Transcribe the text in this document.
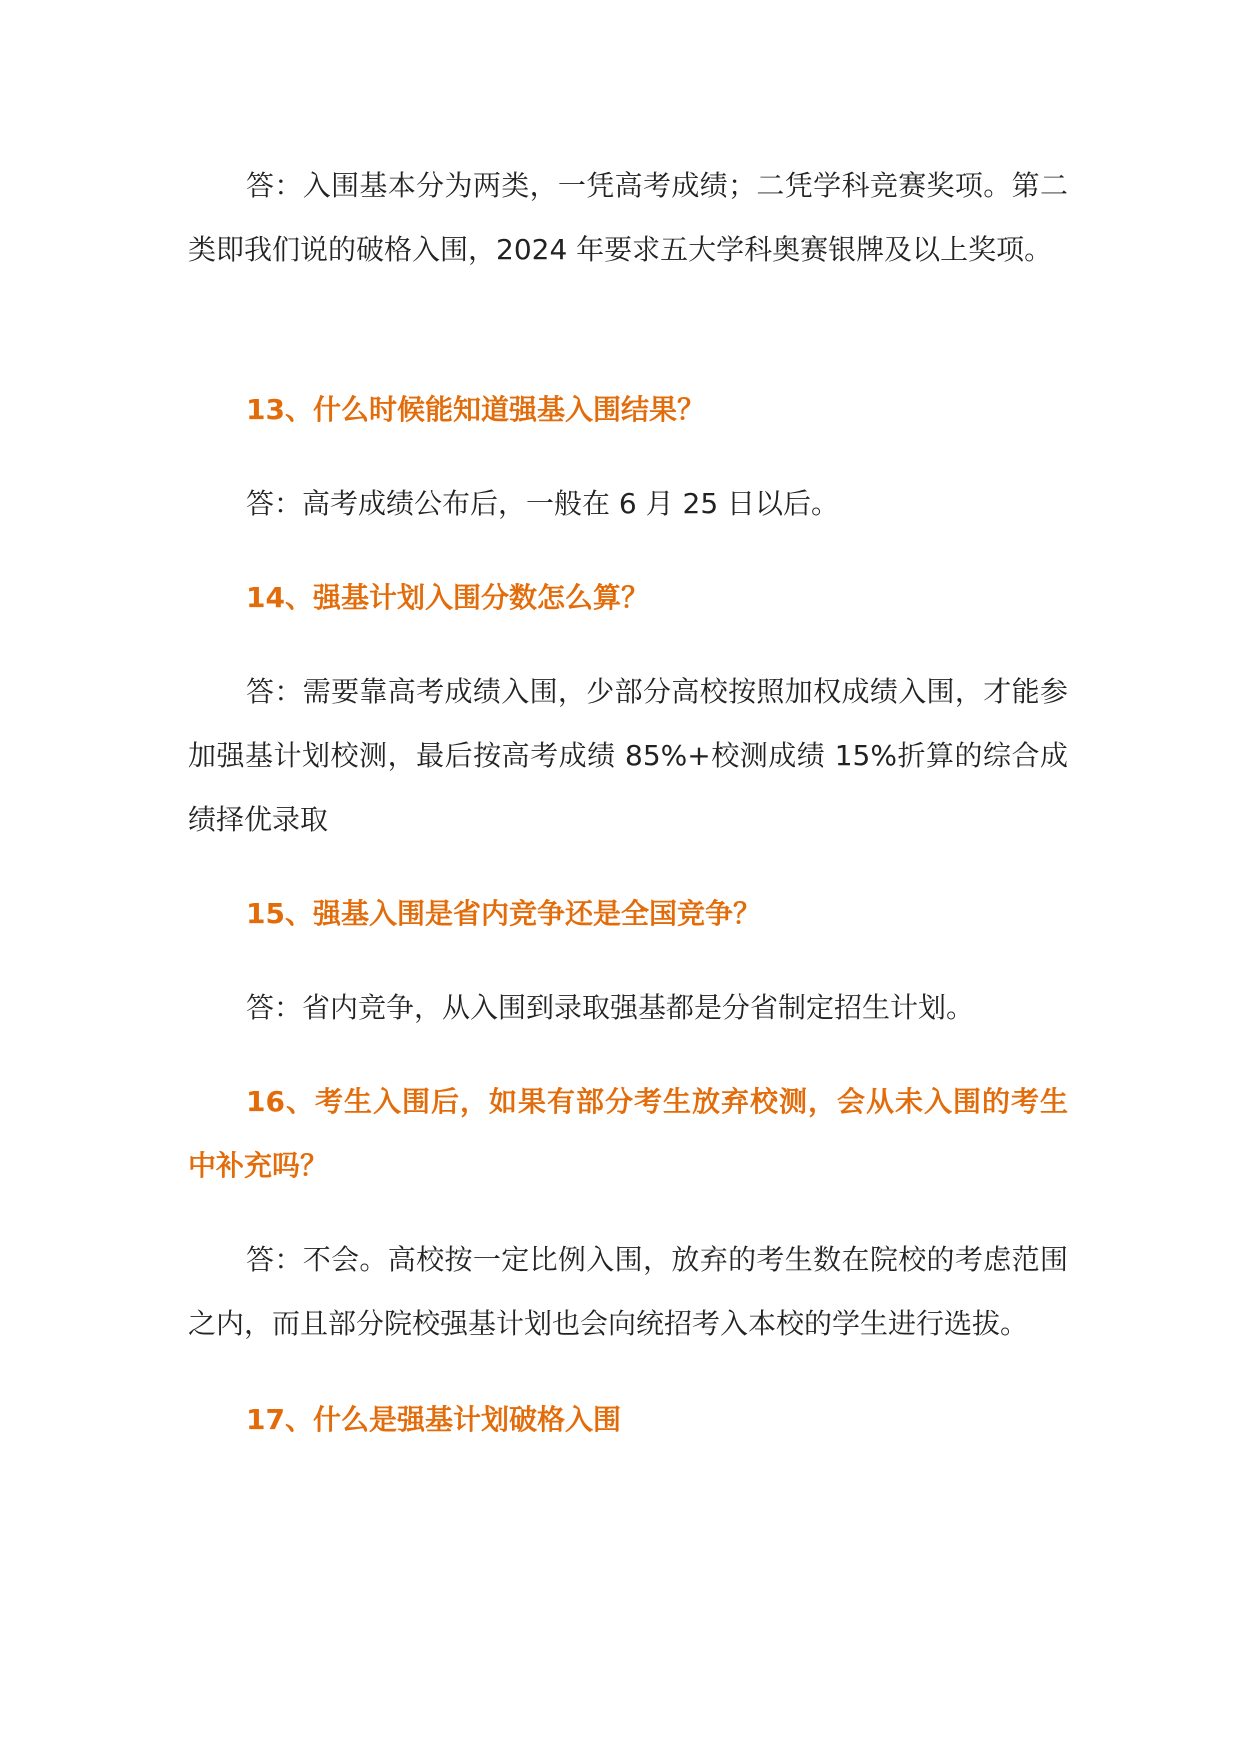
答：入围基本分为两类，一凭高考成绩；二凭学科竞赛奖项。第二类即我们说的破格入围，2024 年要求五大学科奥赛银牌及以上奖项。

13、什么时候能知道强基入围结果？

答：高考成绩公布后，一般在 6 月 25 日以后。

14、强基计划入围分数怎么算？

答：需要靠高考成绩入围，少部分高校按照加权成绩入围，才能参加强基计划校测，最后按高考成绩 85%+校测成绩 15%折算的综合成绩择优录取

15、强基入围是省内竞争还是全国竞争？

答：省内竞争，从入围到录取强基都是分省制定招生计划。

16、考生入围后，如果有部分考生放弃校测，会从未入围的考生中补充吗？

答：不会。高校按一定比例入围，放弃的考生数在院校的考虑范围之内，而且部分院校强基计划也会向统招考入本校的学生进行选拔。

17、什么是强基计划破格入围
